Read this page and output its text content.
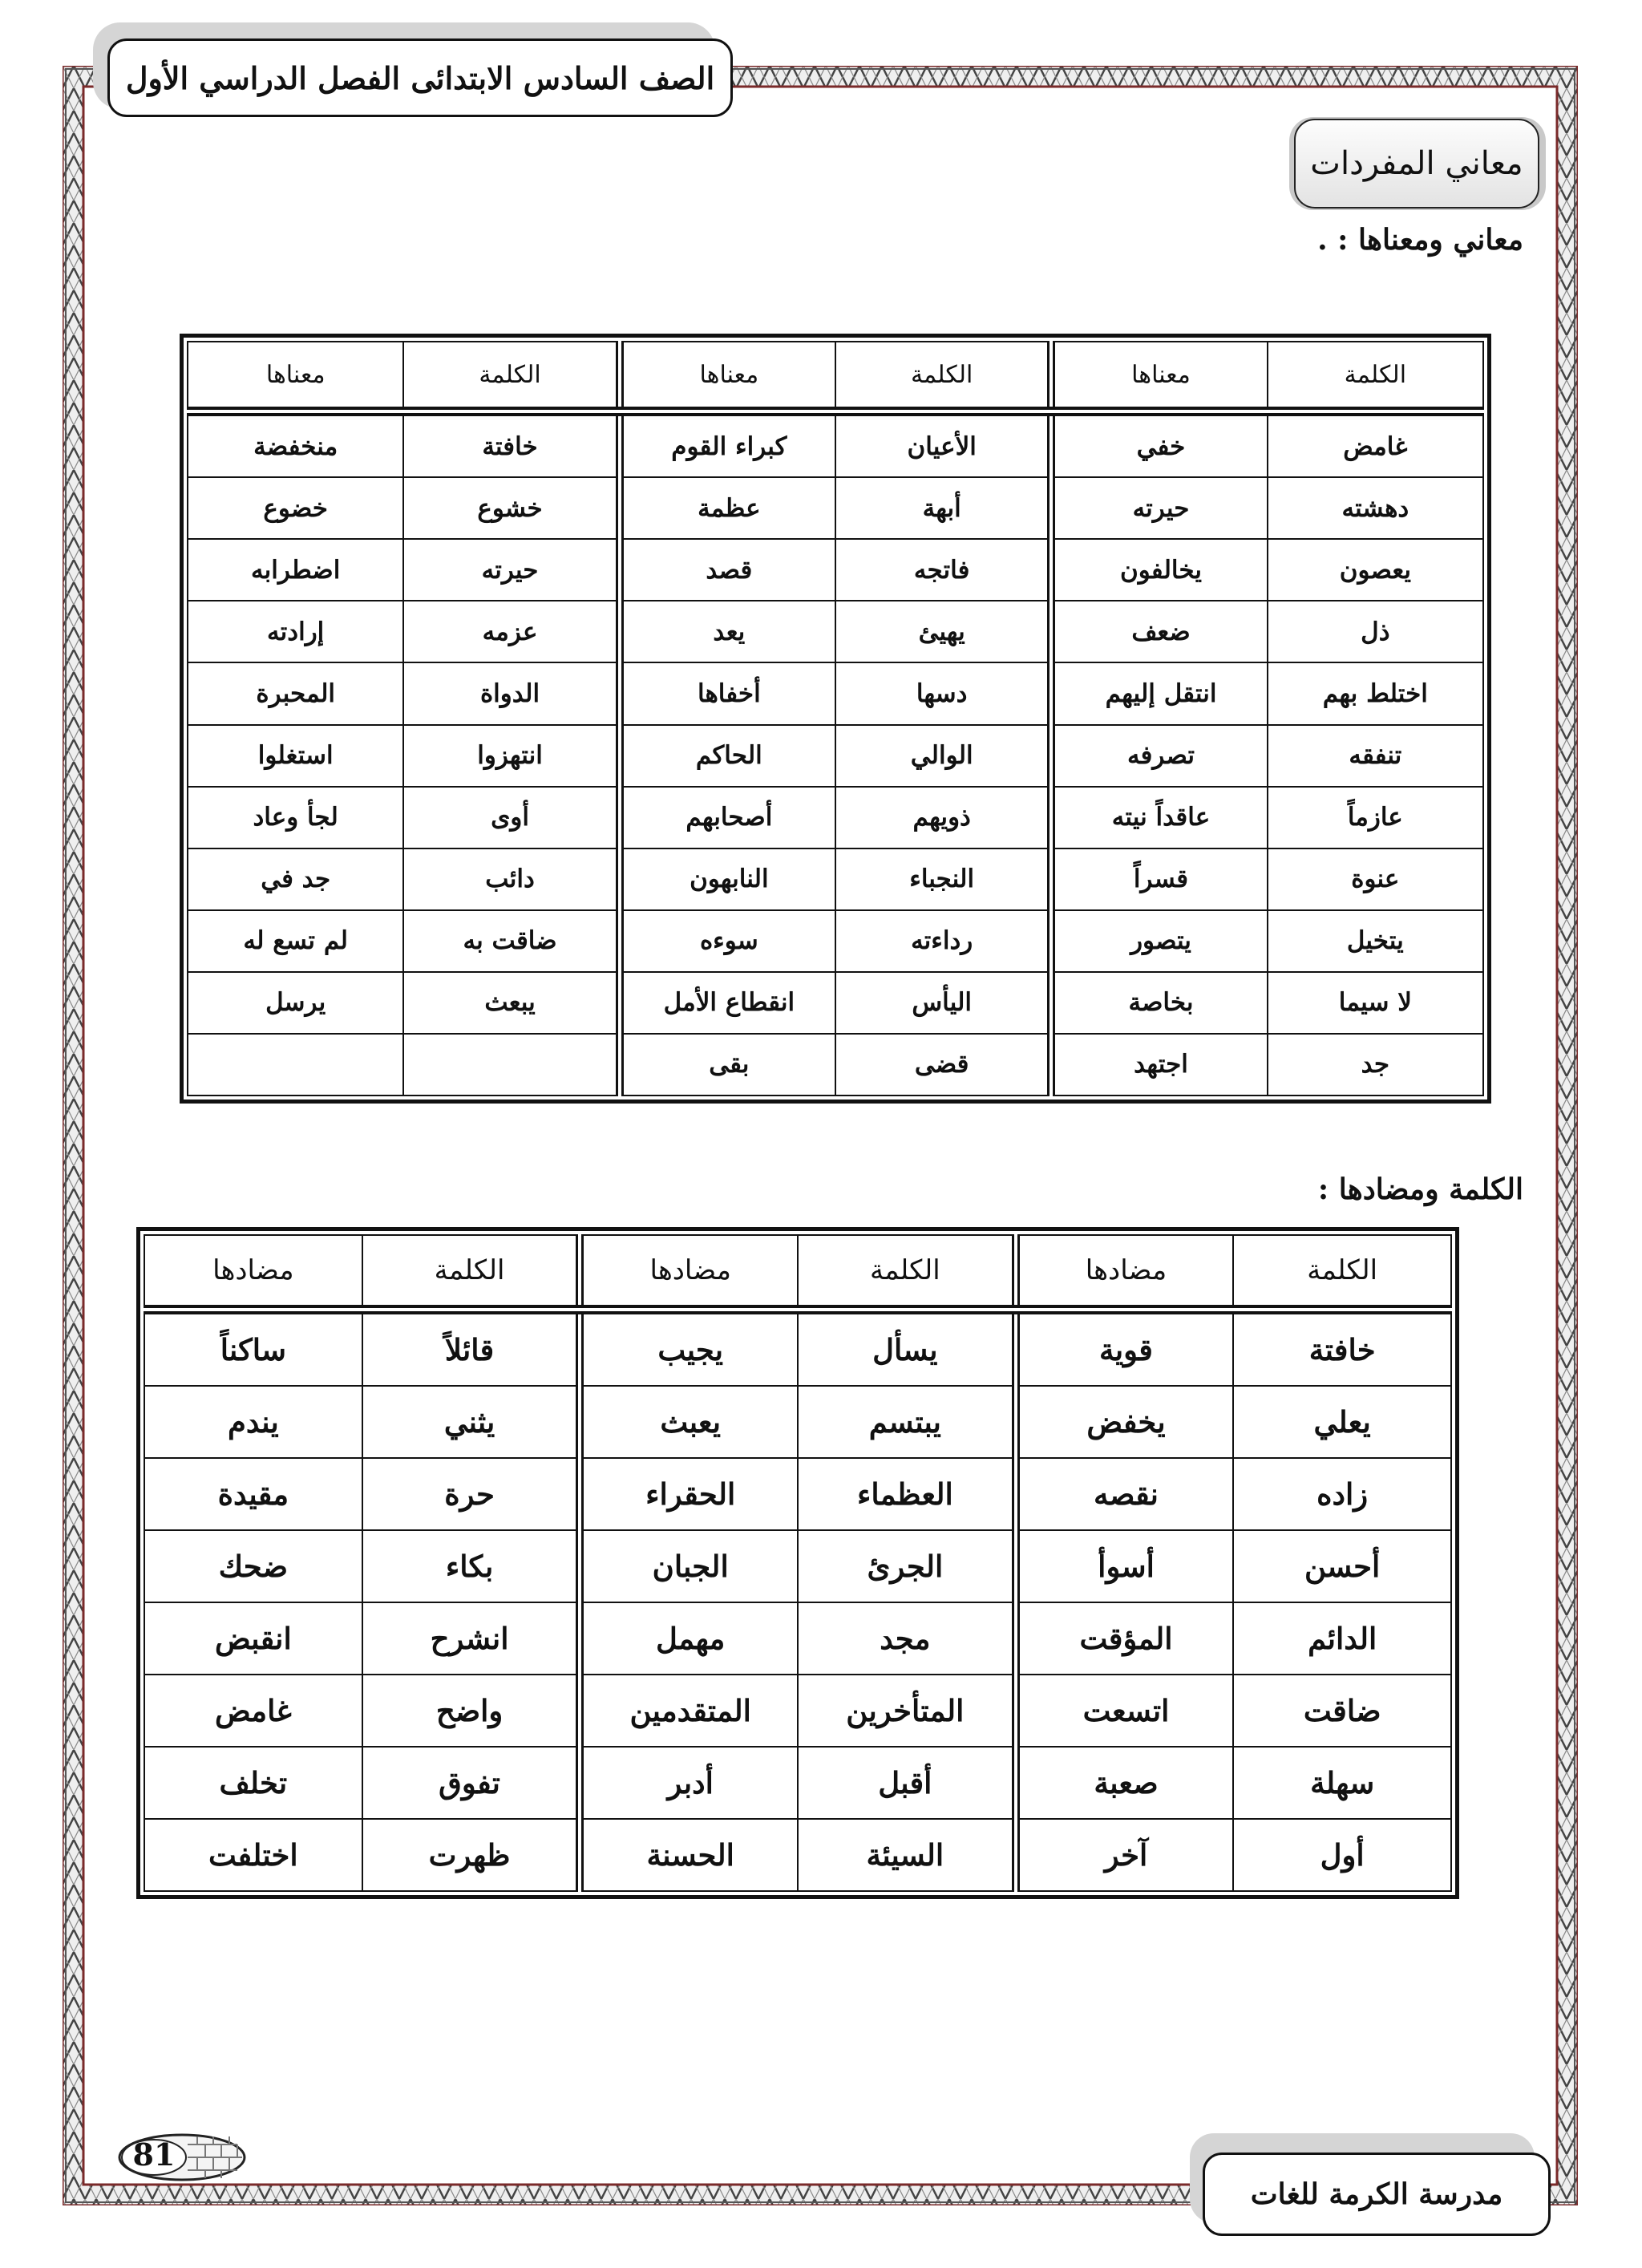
الصف السادس الابتدائى الفصل الدراسي الأول
معاني المفردات
معاني ومعناها : .
الكلمة	معناها	الكلمة	معناها	الكلمة	معناها
غامض	خفي	الأعيان	كبراء القوم	خافتة	منخفضة
دهشته	حيرته	أبهة	عظمة	خشوع	خضوع
يعصون	يخالفون	فاتجه	قصد	حيرته	اضطرابه
ذل	ضعف	يهيئ	يعد	عزمه	إرادته
اختلط بهم	انتقل إليهم	دسها	أخفاها	الدواة	المحبرة
تنفقه	تصرفه	الوالي	الحاكم	انتهزوا	استغلوا
عازماً	عاقداً نيته	ذويهم	أصحابهم	أوى	لجأ وعاد
عنوة	قسراً	النجباء	النابهون	دائب	جد في
يتخيل	يتصور	رداءته	سوءه	ضاقت به	لم تسع له
لا سيما	بخاصة	اليأس	انقطاع الأمل	يبعث	يرسل
جد	اجتهد	قضى	بقى		
الكلمة ومضادها :
الكلمة	مضادها	الكلمة	مضادها	الكلمة	مضادها
خافتة	قوية	يسأل	يجيب	قائلاً	ساكناً
يعلي	يخفض	يبتسم	يعبث	يثني	يندم
زاده	نقصه	العظماء	الحقراء	حرة	مقيدة
أحسن	أسوأ	الجرئ	الجبان	بكاء	ضحك
الدائم	المؤقت	مجد	مهمل	انشرح	انقبض
ضاقت	اتسعت	المتأخرين	المتقدمين	واضح	غامض
سهلة	صعبة	أقبل	أدبر	تفوق	تخلف
أول	آخر	السيئة	الحسنة	ظهرت	اختلفت
81
مدرسة الكرمة للغات
